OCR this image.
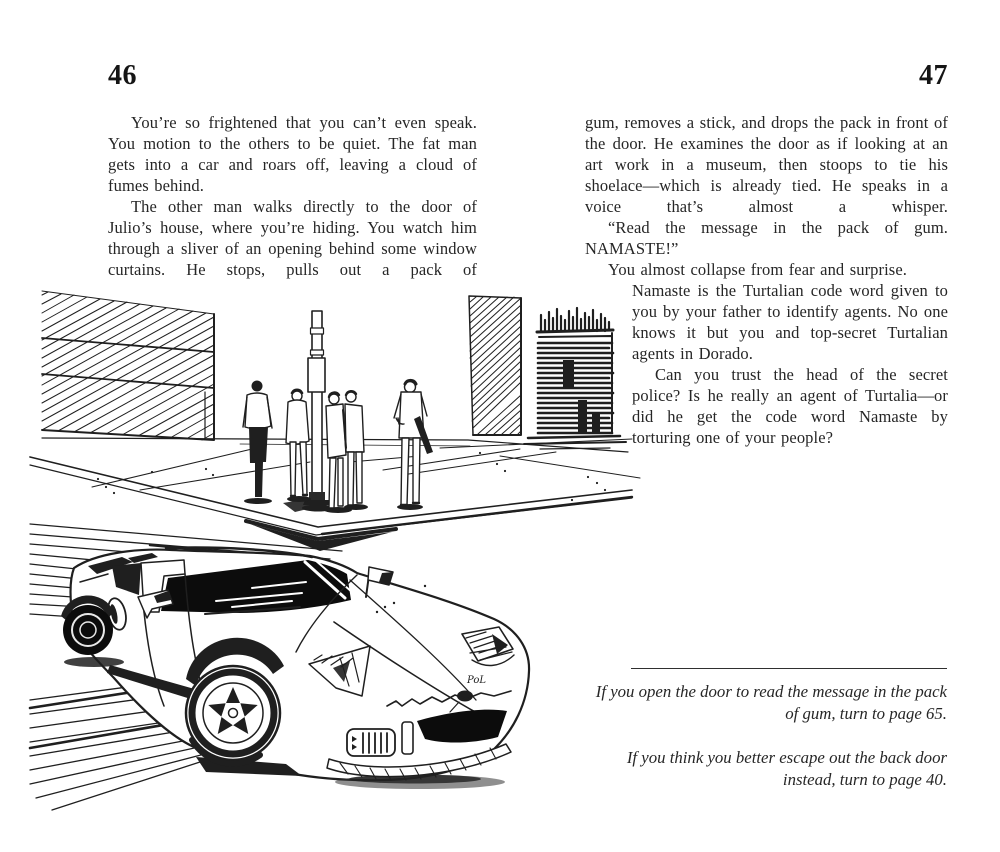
46	47

You’re so frightened that you can’t even speak. You motion to the others to be quiet. The fat man gets into a car and roars off, leaving a cloud of fumes behind.

The other man walks directly to the door of Julio’s house, where you’re hiding. You watch him through a sliver of an opening behind some window curtains. He stops, pulls out a pack of

gum, removes a stick, and drops the pack in front of the door. He examines the door as if looking at an art work in a museum, then stoops to tie his shoelace—which is already tied. He speaks in a voice that’s almost a whisper.

“Read the message in the pack of gum. NAMASTE!”

You almost collapse from fear and surprise.

Namaste is the Turtalian code word given to you by your father to identify agents. No one knows it but you and top-secret Turtalian agents in Dorado.

Can you trust the head of the secret police? Is he really an agent of Turtalia—or did he get the code word Namaste by torturing one of your people?

If you open the door to read the message in the pack of gum, turn to page 65.

If you think you better escape out the back door instead, turn to page 40.

PoL
